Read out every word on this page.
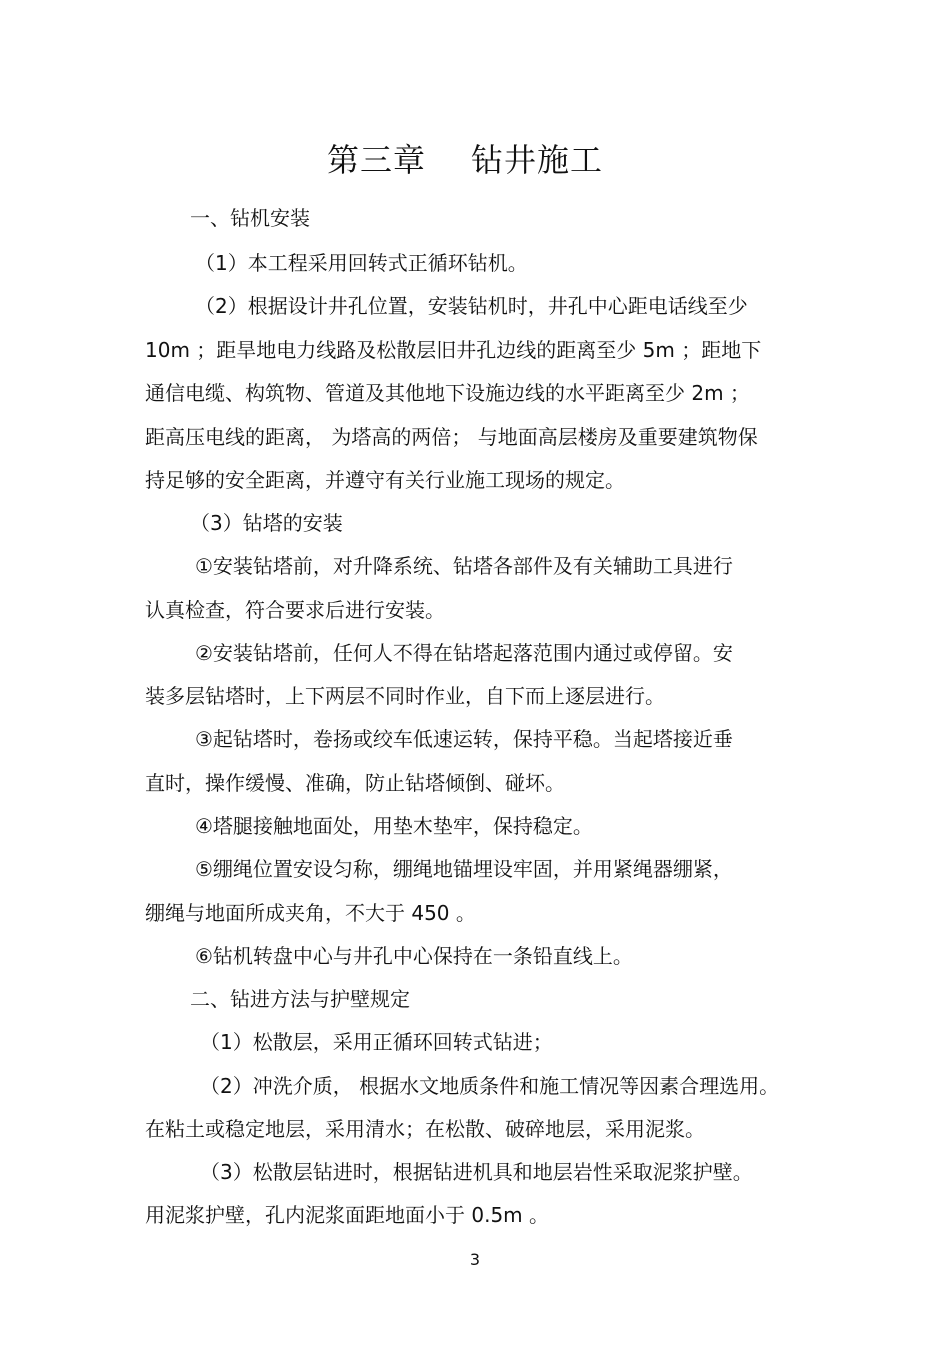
第三章 钻井施工
一、钻机安装
（1）本工程采用回转式正循环钻机。
（2）根据设计井孔位置，安装钻机时，井孔中心距电话线至少
10m ；距旱地电力线路及松散层旧井孔边线的距离至少 5m ；距地下
通信电缆、构筑物、管道及其他地下设施边线的水平距离至少 2m ；
距高压电线的距离， 为塔高的两倍； 与地面高层楼房及重要建筑物保
持足够的安全距离，并遵守有关行业施工现场的规定。
（3）钻塔的安装
①安装钻塔前，对升降系统、钻塔各部件及有关辅助工具进行
认真检查，符合要求后进行安装。
②安装钻塔前，任何人不得在钻塔起落范围内通过或停留。安
装多层钻塔时，上下两层不同时作业，自下而上逐层进行。
③起钻塔时，卷扬或绞车低速运转，保持平稳。当起塔接近垂
直时，操作缓慢、准确，防止钻塔倾倒、碰坏。
④塔腿接触地面处，用垫木垫牢，保持稳定。
⑤绷绳位置安设匀称，绷绳地锚埋设牢固，并用紧绳器绷紧，
绷绳与地面所成夹角，不大于 450 。
⑥钻机转盘中心与井孔中心保持在一条铅直线上。
二、钻进方法与护壁规定
（1）松散层，采用正循环回转式钻进；
（2）冲洗介质， 根据水文地质条件和施工情况等因素合理选用。
在粘土或稳定地层，采用清水；在松散、破碎地层，采用泥浆。
（3）松散层钻进时，根据钻进机具和地层岩性采取泥浆护壁。
用泥浆护壁，孔内泥浆面距地面小于 0.5m 。
3
